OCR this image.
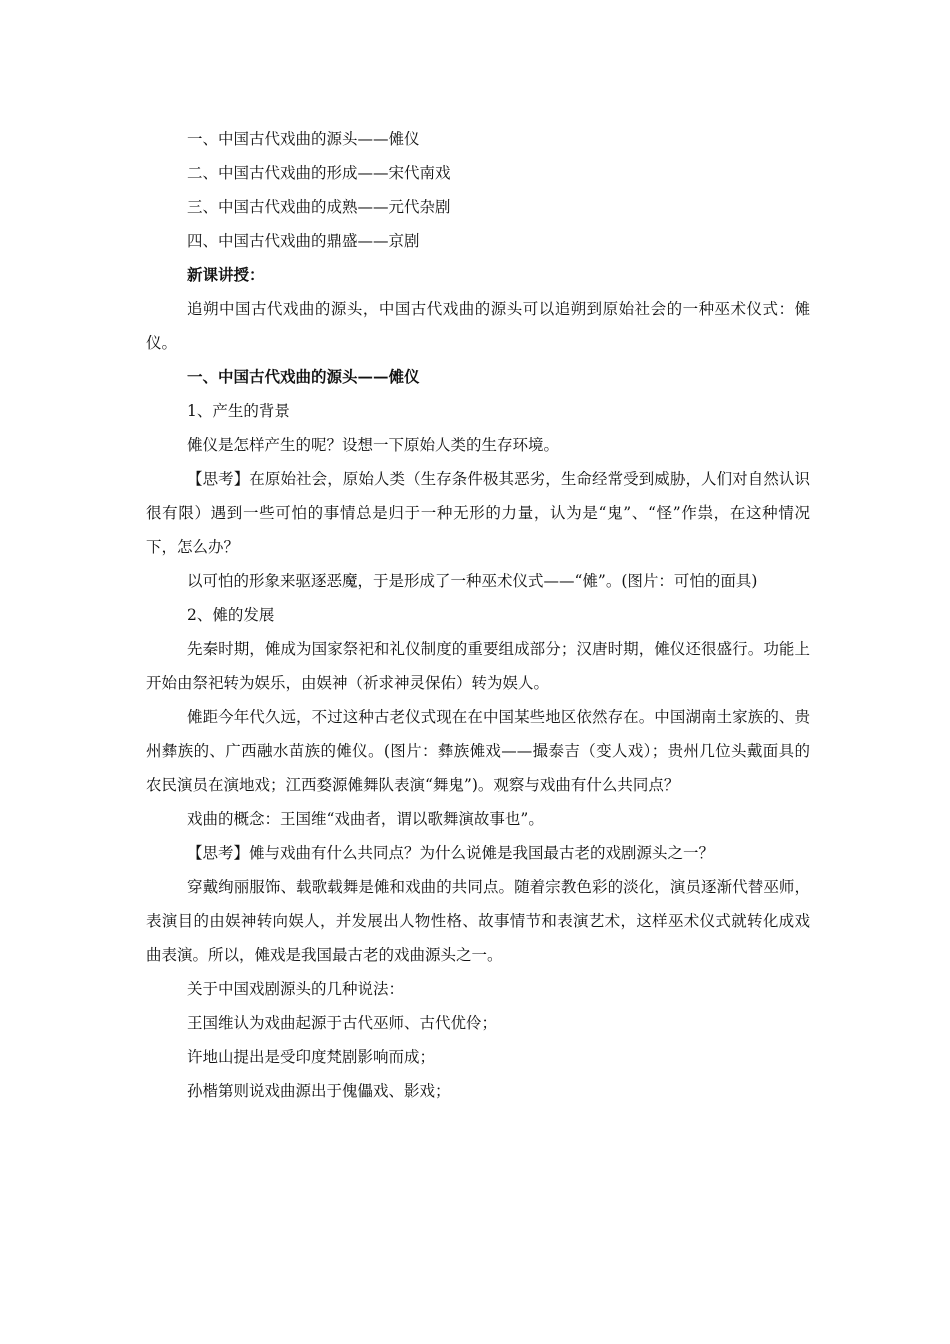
一、中国古代戏曲的源头——傩仪

二、中国古代戏曲的形成——宋代南戏

三、中国古代戏曲的成熟——元代杂剧

四、中国古代戏曲的鼎盛——京剧

新课讲授：

追朔中国古代戏曲的源头，中国古代戏曲的源头可以追朔到原始社会的一种巫术仪式：傩仪。

一、中国古代戏曲的源头——傩仪

1、产生的背景

傩仪是怎样产生的呢？设想一下原始人类的生存环境。

【思考】在原始社会，原始人类（生存条件极其恶劣，生命经常受到威胁，人们对自然认识很有限）遇到一些可怕的事情总是归于一种无形的力量，认为是“鬼”、“怪”作祟，在这种情况下，怎么办？

以可怕的形象来驱逐恶魔，于是形成了一种巫术仪式——“傩”。(图片：可怕的面具)

2、傩的发展

先秦时期，傩成为国家祭祀和礼仪制度的重要组成部分；汉唐时期，傩仪还很盛行。功能上开始由祭祀转为娱乐，由娱神（祈求神灵保佑）转为娱人。

傩距今年代久远，不过这种古老仪式现在在中国某些地区依然存在。中国湖南土家族的、贵州彝族的、广西融水苗族的傩仪。(图片：彝族傩戏——撮泰吉（变人戏）；贵州几位头戴面具的农民演员在演地戏；江西婺源傩舞队表演“舞鬼”)。观察与戏曲有什么共同点？

戏曲的概念：王国维“戏曲者，谓以歌舞演故事也”。

【思考】傩与戏曲有什么共同点？为什么说傩是我国最古老的戏剧源头之一？

穿戴绚丽服饰、载歌载舞是傩和戏曲的共同点。随着宗教色彩的淡化，演员逐渐代替巫师，表演目的由娱神转向娱人，并发展出人物性格、故事情节和表演艺术，这样巫术仪式就转化成戏曲表演。所以，傩戏是我国最古老的戏曲源头之一。

关于中国戏剧源头的几种说法：

王国维认为戏曲起源于古代巫师、古代优伶；

许地山提出是受印度梵剧影响而成；

孙楷第则说戏曲源出于傀儡戏、影戏；
